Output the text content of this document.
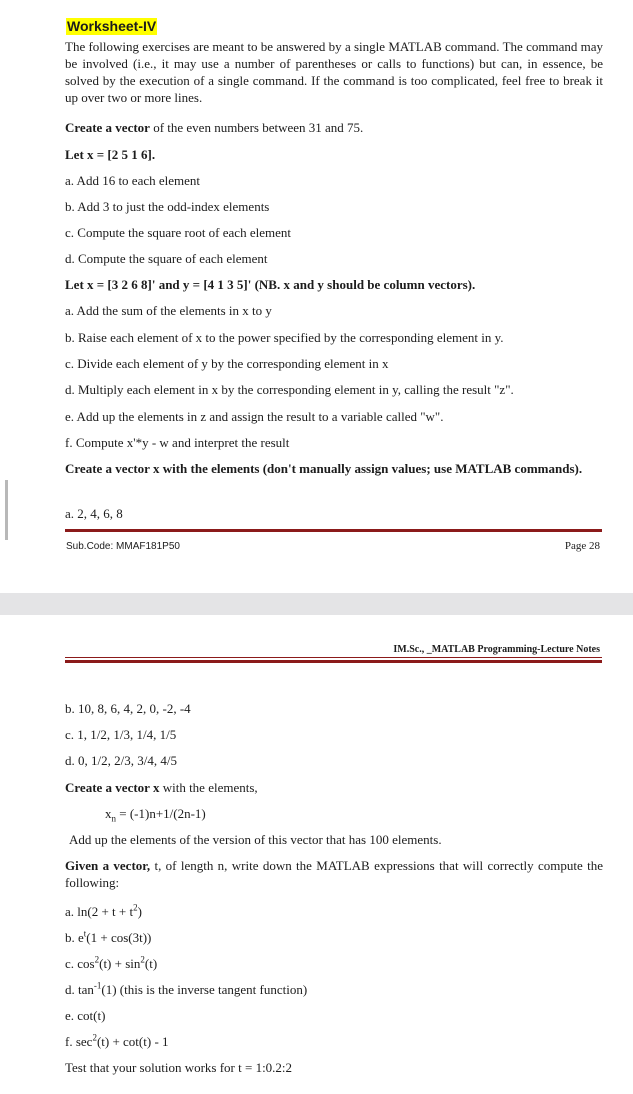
Worksheet-IV
The following exercises are meant to be answered by a single MATLAB command. The command may be involved (i.e., it may use a number of parentheses or calls to functions) but can, in essence, be solved by the execution of a single command. If the command is too complicated, feel free to break it up over two or more lines.
Create a vector of the even numbers between 31 and 75.
Let x = [2 5 1 6].
a. Add 16 to each element
b. Add 3 to just the odd-index elements
c. Compute the square root of each element
d. Compute the square of each element
Let x = [3 2 6 8]' and y = [4 1 3 5]' (NB. x and y should be column vectors).
a. Add the sum of the elements in x to y
b. Raise each element of x to the power specified by the corresponding element in y.
c. Divide each element of y by the corresponding element in x
d. Multiply each element in x by the corresponding element in y, calling the result "z".
e. Add up the elements in z and assign the result to a variable called "w".
f. Compute x'*y - w and interpret the result
Create a vector x with the elements (don't manually assign values; use MATLAB commands).
a. 2, 4, 6, 8
Sub.Code: MMAF181P50	Page 28
IM.Sc., _MATLAB Programming-Lecture Notes
b. 10, 8, 6, 4, 2, 0, -2, -4
c. 1, 1/2, 1/3, 1/4, 1/5
d. 0, 1/2, 2/3, 3/4, 4/5
Create a vector x with the elements,
$x_n = (-1)n+1/(2n-1)$
Add up the elements of the version of this vector that has 100 elements.
Given a vector, t, of length n, write down the MATLAB expressions that will correctly compute the following:
a. $\ln(2 + t + t^2)$
b. $e^t(1 + \cos(3t))$
c. $\cos^2(t) + \sin^2(t)$
d. $\tan^{-1}(1)$ (this is the inverse tangent function)
e. cot(t)
f. $\sec^2(t) + \cot(t) - 1$
Test that your solution works for t = 1:0.2:2
